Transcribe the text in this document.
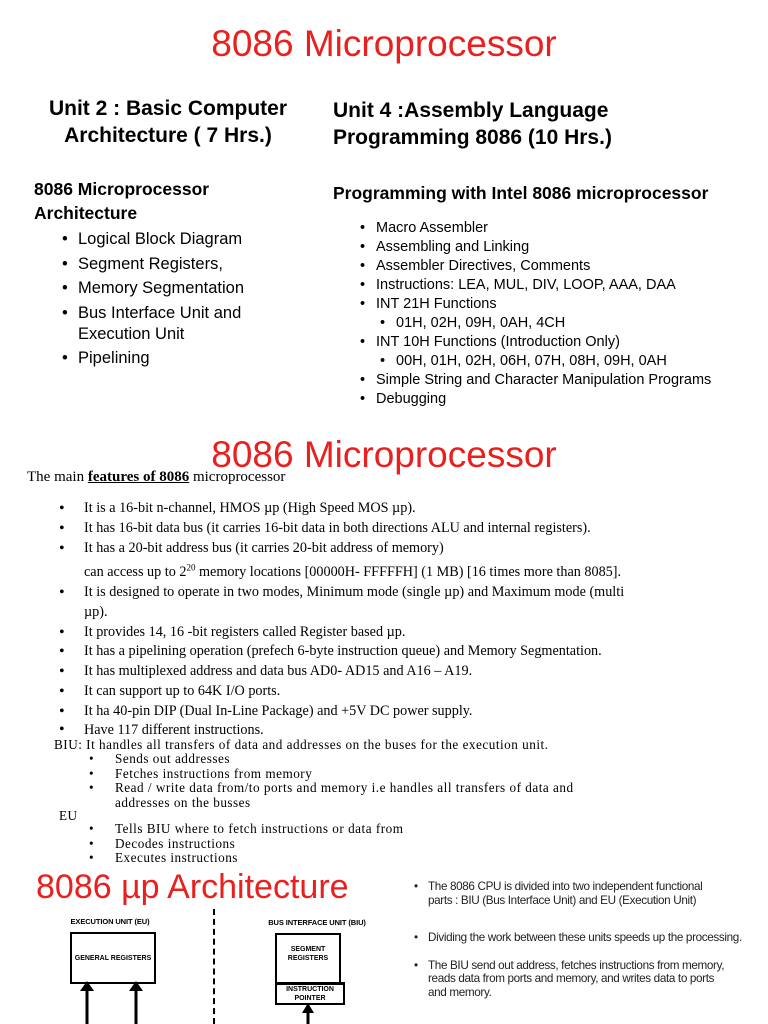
8086 Microprocessor
Unit 2 : Basic Computer
Architecture ( 7 Hrs.)
8086 Microprocessor
Architecture
• Logical Block Diagram
• Segment Registers,
• Memory Segmentation
• Bus Interface Unit and
Execution Unit
• Pipelining
Unit 4 :Assembly Language
Programming 8086 (10 Hrs.)
Programming with Intel 8086 microprocessor
• Macro Assembler
• Assembling and Linking
• Assembler Directives, Comments
• Instructions: LEA, MUL, DIV, LOOP, AAA, DAA
• INT 21H Functions
• 01H, 02H, 09H, 0AH, 4CH
• INT 10H Functions (Introduction Only)
• 00H, 01H, 02H, 06H, 07H, 08H, 09H, 0AH
• Simple String and Character Manipulation Programs
• Debugging
8086 Microprocessor
The main features of 8086 microprocessor
• It is a 16-bit n-channel, HMOS µp (High Speed MOS µp).
• It has 16-bit data bus (it carries 16-bit data in both directions ALU and internal registers).
• It has a 20-bit address bus (it carries 20-bit address of memory)
can access up to $2^{20}$ memory locations [00000H- FFFFFH] (1 MB) [16 times more than 8085].
• It is designed to operate in two modes, Minimum mode (single µp) and Maximum mode (multi
µp).
• It provides 14, 16 -bit registers called Register based µp.
• It has a pipelining operation (prefech 6-byte instruction queue) and Memory Segmentation.
• It has multiplexed address and data bus AD0- AD15 and A16 – A19.
• It can support up to 64K I/O ports.
• It ha 40-pin DIP (Dual In-Line Package) and +5V DC power supply.
• Have 117 different instructions.
BIU: It handles all transfers of data and addresses on the buses for the execution unit.
• Sends out addresses
• Fetches instructions from memory
• Read / write data from/to ports and memory i.e handles all transfers of data and
addresses on the busses
EU
• Tells BIU where to fetch instructions or data from
• Decodes instructions
• Executes instructions
8086 µp Architecture
EXECUTION UNIT (EU)
GENERAL REGISTERS
BUS INTERFACE UNIT (BIU)
SEGMENT REGISTERS
INSTRUCTION POINTER
• The 8086 CPU is divided into two independent functional
parts : BIU (Bus Interface Unit) and EU (Execution Unit)
• Dividing the work between these units speeds up the processing.
• The BIU send out address, fetches instructions from memory,
reads data from ports and memory, and writes data to ports
and memory.
